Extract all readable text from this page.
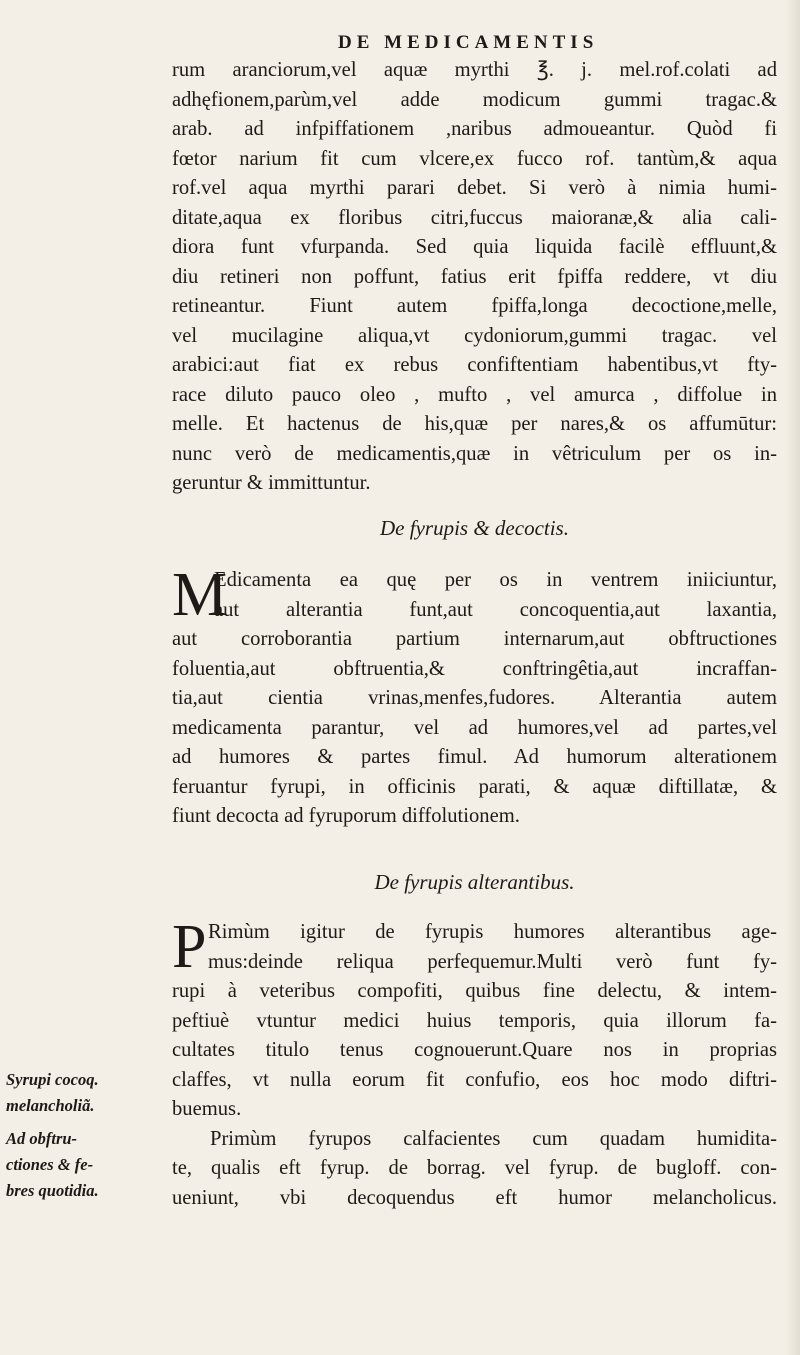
DE MEDICAMENTIS
rum aranciorum,vel aquæ myrthi ℥. j. mel.rof.colati ad
adhęfionem,parùm,vel adde modicum gummi tragac.&
arab. ad infpiffationem ,naribus admoueantur. Quòd fi
fœtor narium fit cum vlcere,ex fucco rof. tantùm,& aqua
rof.vel aqua myrthi parari debet. Si verò à nimia humi-
ditate,aqua ex floribus citri,fuccus maioranæ,& alia cali-
diora funt vfurpanda. Sed quia liquida facilè effluunt,&
diu retineri non poffunt, fatius erit fpiffa reddere, vt diu
retineantur. Fiunt autem fpiffa,longa decoctione,melle,
vel mucilagine aliqua,vt cydoniorum,gummi tragac. vel
arabici:aut fiat ex rebus confiftentiam habentibus,vt fty-
race diluto pauco oleo , mufto , vel amurca , diffolue in
melle. Et hactenus de his,quæ per nares,& os affumūtur:
nunc verò de medicamentis,quæ in vêtriculum per os in-
geruntur & immittuntur.
De fyrupis & decoctis.
M
Edicamenta ea quę per os in ventrem iniiciuntur,
aut alterantia funt,aut concoquentia,aut laxantia,
aut corroborantia partium internarum,aut obftructiones
foluentia,aut obftruentia,& conftringêtia,aut incraffan-
tia,aut cientia vrinas,menfes,fudores. Alterantia autem
medicamenta parantur, vel ad humores,vel ad partes,vel
ad humores & partes fimul. Ad humorum alterationem
feruantur fyrupi, in officinis parati, & aquæ diftillatæ, &
fiunt decocta ad fyruporum diffolutionem.
De fyrupis alterantibus.
P Rimùm igitur de fyrupis humores alterantibus age-
mus:deinde reliqua perfequemur.Multi verò funt fy-
rupi à veteribus compofiti, quibus fine delectu, & intem-
peftiuè vtuntur medici huius temporis, quia illorum fa-
cultates titulo tenus cognouerunt.Quare nos in proprias
claffes, vt nulla eorum fit confufio, eos hoc modo diftri-
buemus.
Primùm fyrupos calfacientes cum quadam humidita-
te, qualis eft fyrup. de borrag. vel fyrup. de bugloff. con-
ueniunt, vbi decoquendus eft humor melancholicus.
Syrupi cocoq.
melancholiã.
Ad obftru-
ctiones & fe-
bres quotidia.
